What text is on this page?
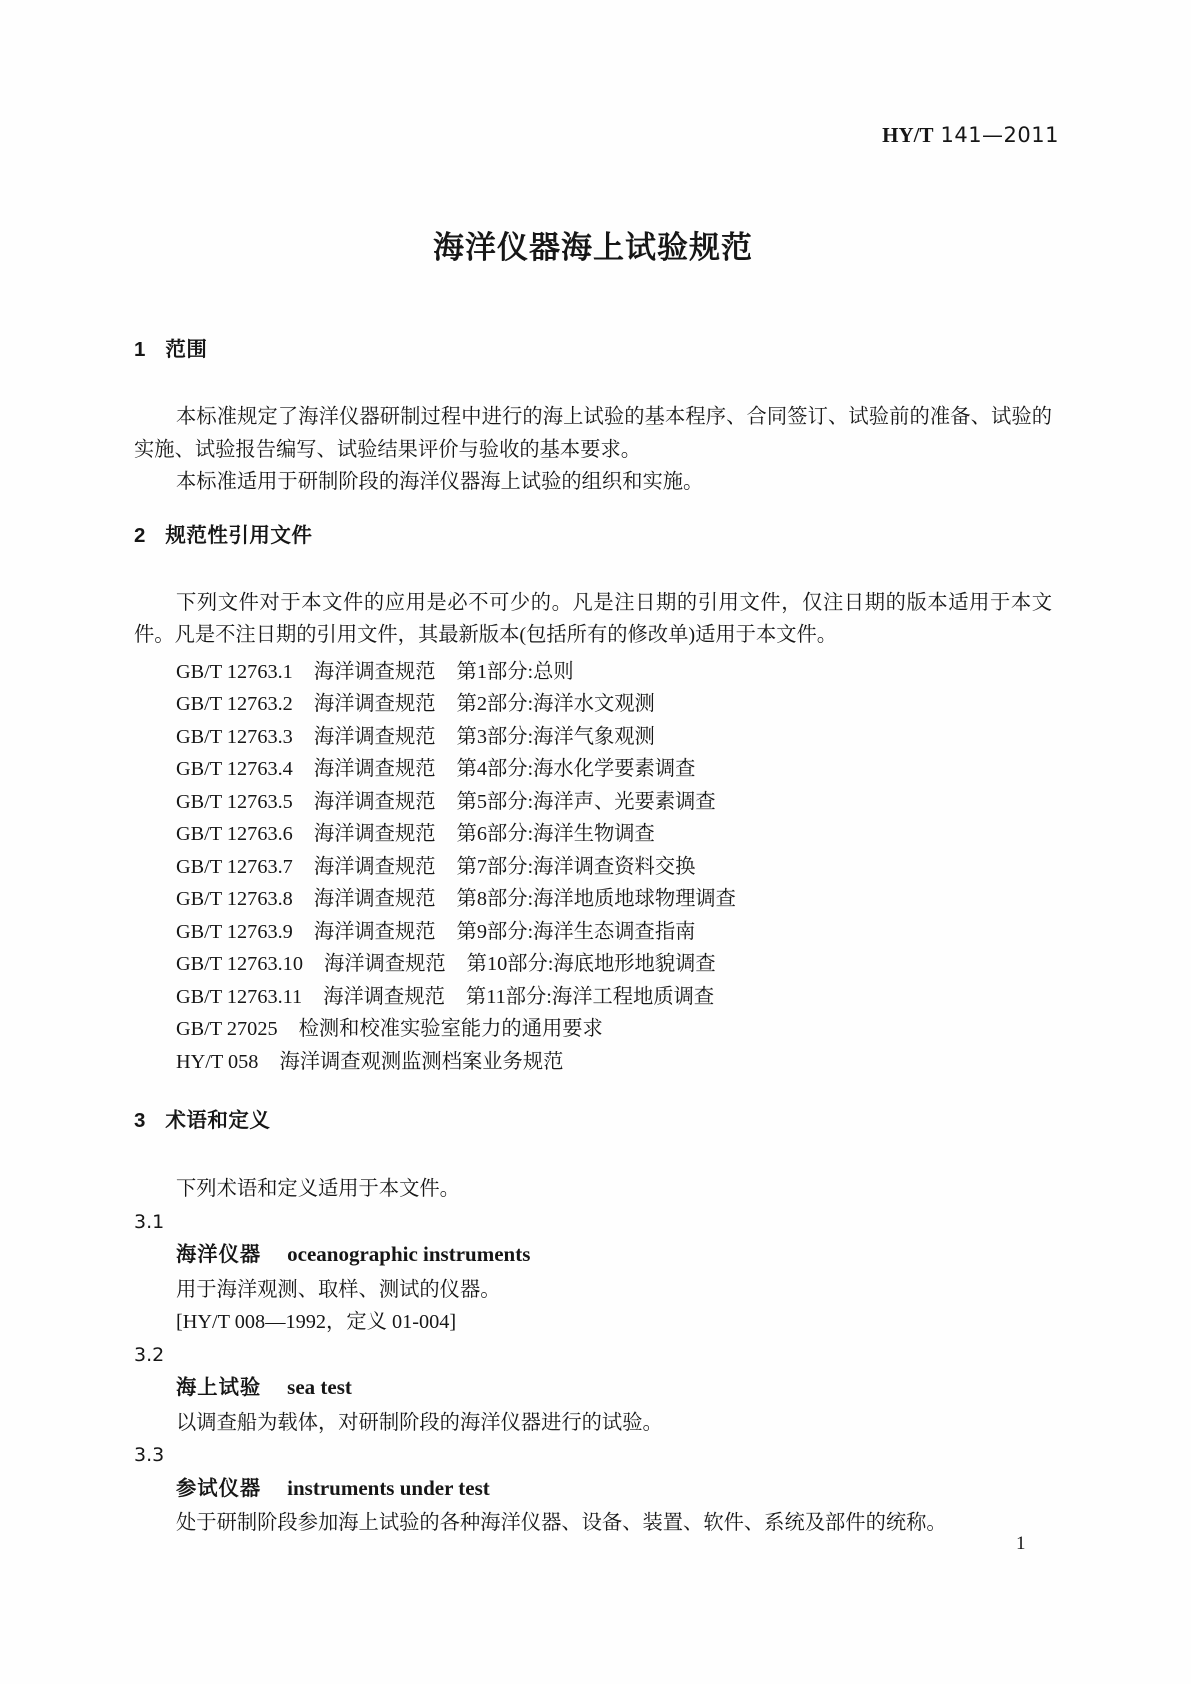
HY/T 141—2011
海洋仪器海上试验规范
1 范围

本标准规定了海洋仪器研制过程中进行的海上试验的基本程序、合同签订、试验前的准备、试验的实施、试验报告编写、试验结果评价与验收的基本要求。

本标准适用于研制阶段的海洋仪器海上试验的组织和实施。

2 规范性引用文件

下列文件对于本文件的应用是必不可少的。凡是注日期的引用文件，仅注日期的版本适用于本文件。凡是不注日期的引用文件，其最新版本(包括所有的修改单)适用于本文件。

GB/T 12763.1 海洋调查规范 第1部分:总则
GB/T 12763.2 海洋调查规范 第2部分:海洋水文观测
GB/T 12763.3 海洋调查规范 第3部分:海洋气象观测
GB/T 12763.4 海洋调查规范 第4部分:海水化学要素调查
GB/T 12763.5 海洋调查规范 第5部分:海洋声、光要素调查
GB/T 12763.6 海洋调查规范 第6部分:海洋生物调查
GB/T 12763.7 海洋调查规范 第7部分:海洋调查资料交换
GB/T 12763.8 海洋调查规范 第8部分:海洋地质地球物理调查
GB/T 12763.9 海洋调查规范 第9部分:海洋生态调查指南
GB/T 12763.10 海洋调查规范 第10部分:海底地形地貌调查
GB/T 12763.11 海洋调查规范 第11部分:海洋工程地质调查
GB/T 27025 检测和校准实验室能力的通用要求
HY/T 058 海洋调查观测监测档案业务规范
3 术语和定义

下列术语和定义适用于本文件。

3.1
海洋仪器 oceanographic instruments
用于海洋观测、取样、测试的仪器。
[HY/T 008—1992，定义 01-004]
3.2
海上试验 sea test
以调查船为载体，对研制阶段的海洋仪器进行的试验。
3.3
参试仪器 instruments under test
处于研制阶段参加海上试验的各种海洋仪器、设备、装置、软件、系统及部件的统称。
1
